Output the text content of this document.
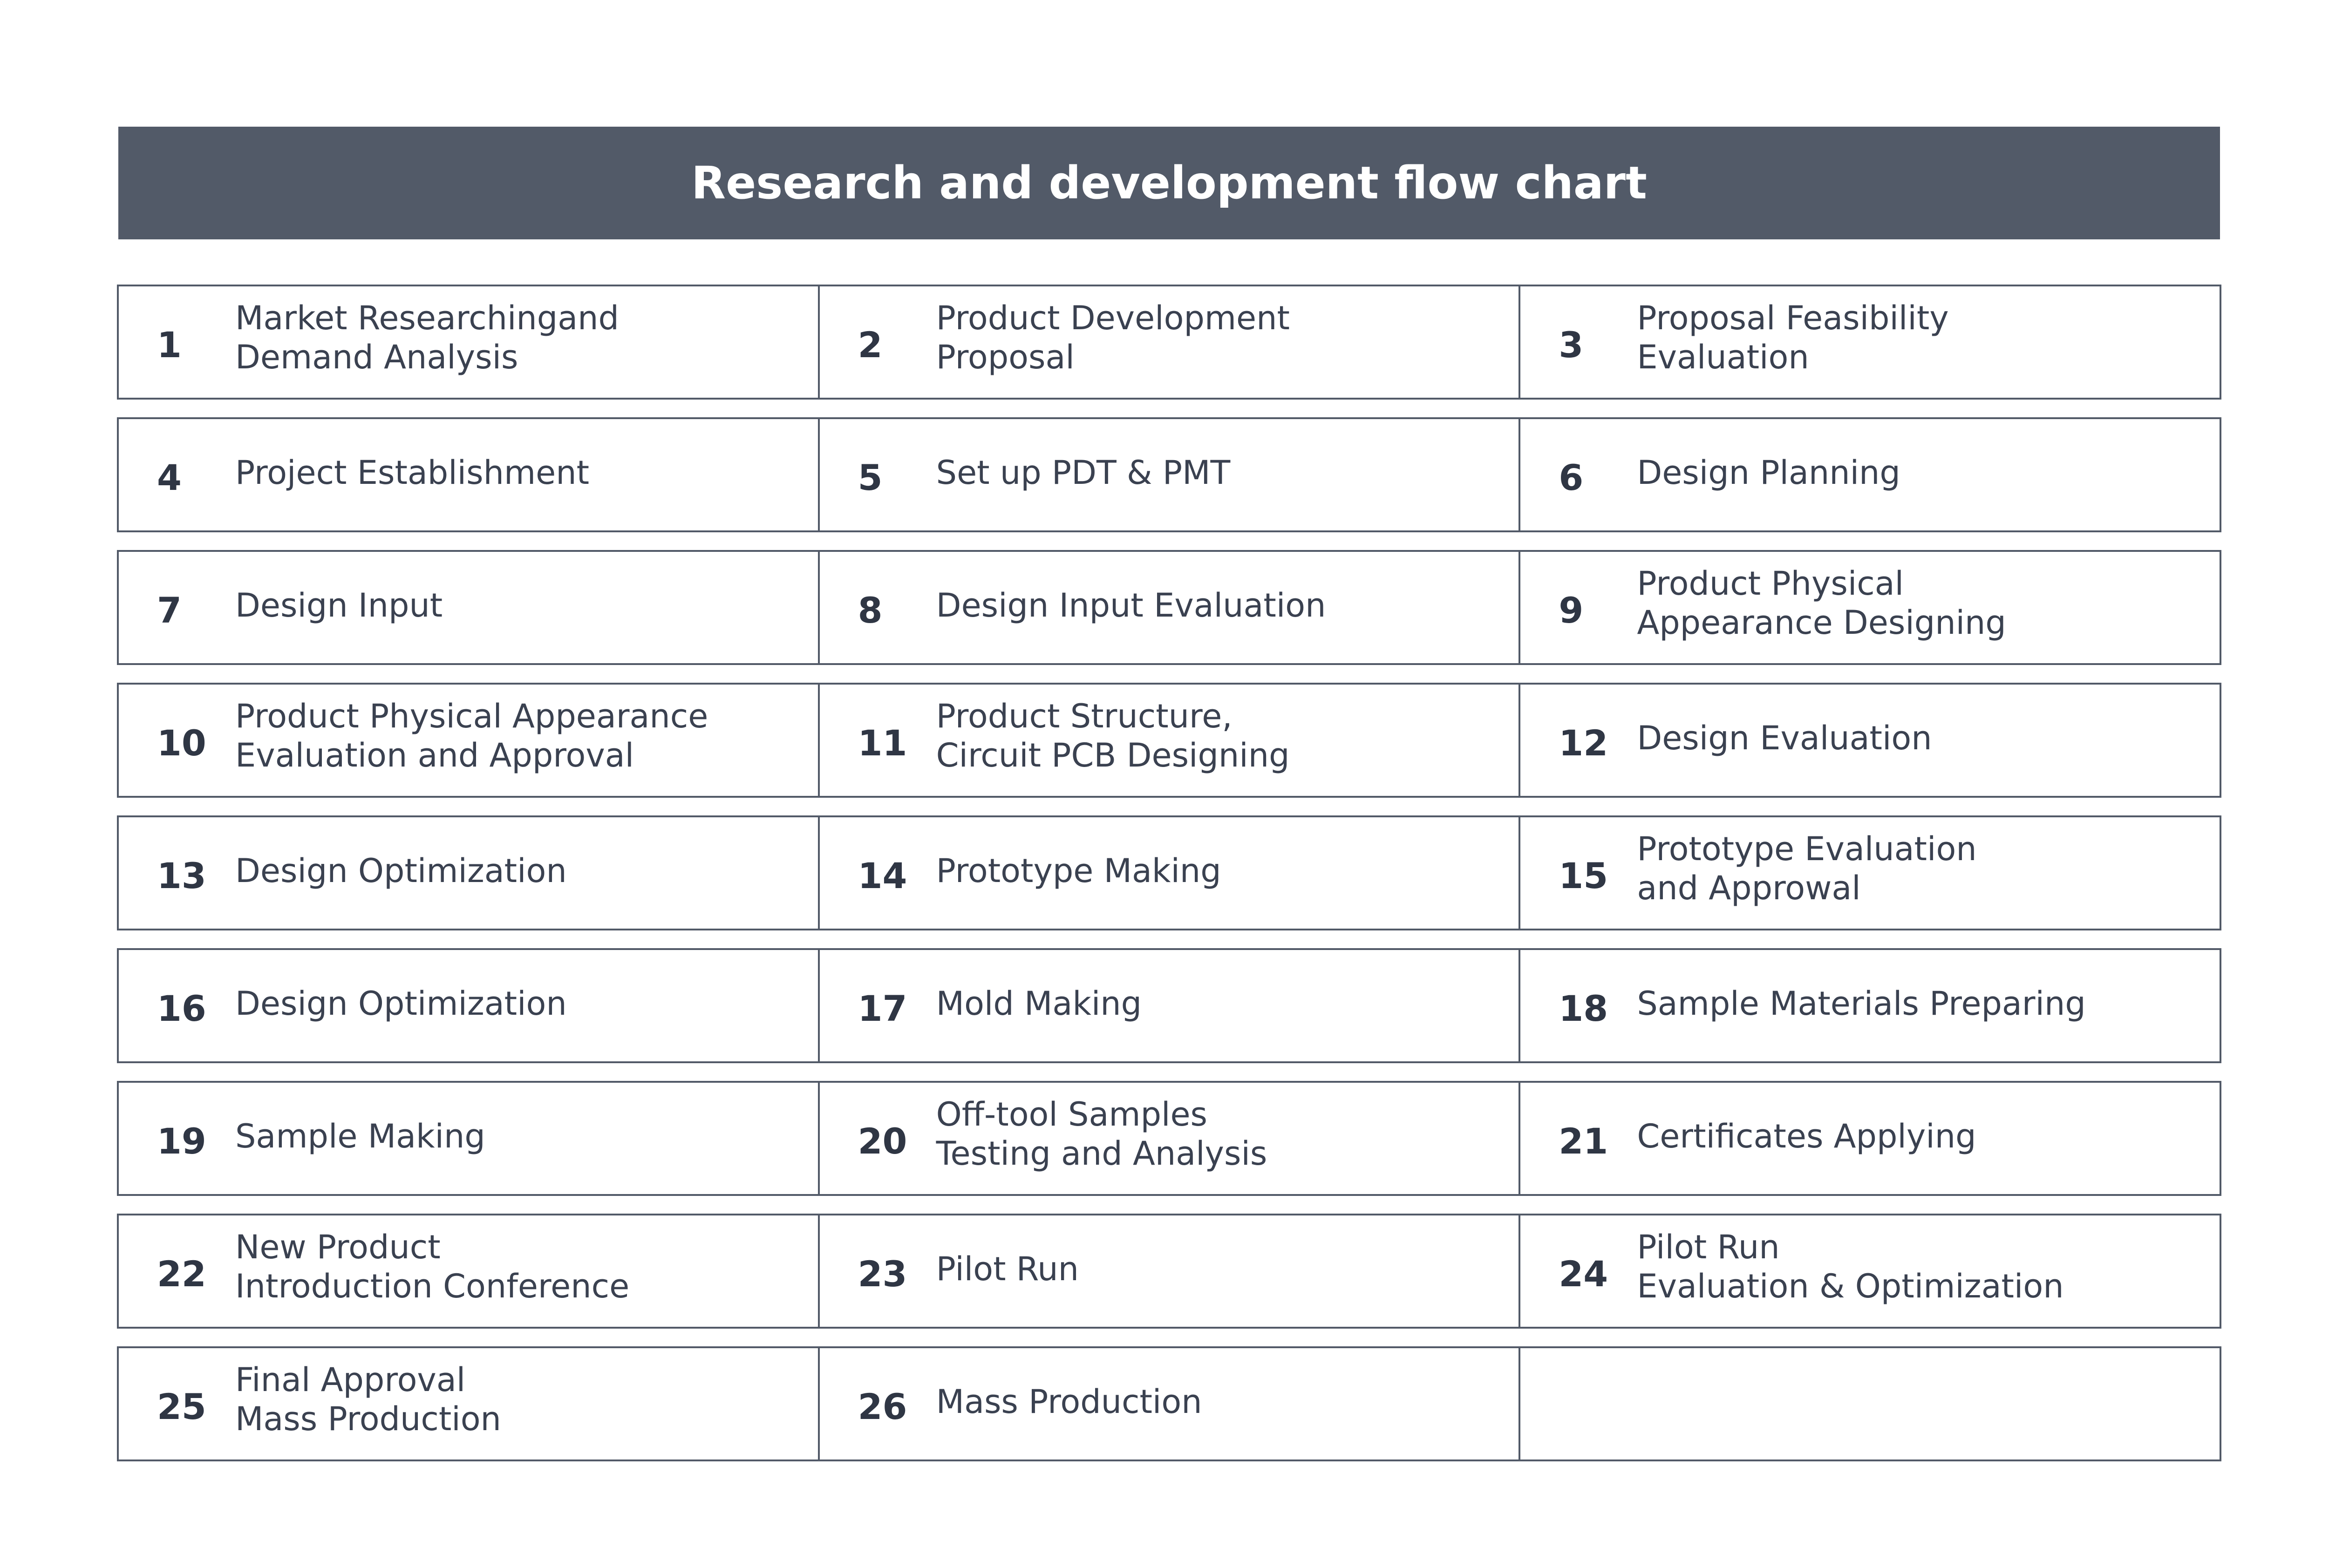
Research and development flow chart
1
Market Researchingand
Demand Analysis	2
Product Development
Proposal	3
Proposal Feasibility
Evaluation
4 Project Establishment	5 Set up PDT & PMT	6 Design Planning
7 Design Input	8 Design Input Evaluation	9
Product Physical
Appearance Designing
10
Product Physical Appearance
Evaluation and Approval	11
Product Structure,
Circuit PCB Designing	12 Design Evaluation
13 Design Optimization	14 Prototype Making	15
Prototype Evaluation
and Approwal
16 Design Optimization	17 Mold Making	18 Sample Materials Preparing
19 Sample Making	20
Off-tool Samples
Testing and Analysis	21 Certificates Applying
22
New Product
Introduction Conference	23 Pilot Run	24
Pilot Run
Evaluation & Optimization
25
Final Approval
Mass Production	26 Mass Production
